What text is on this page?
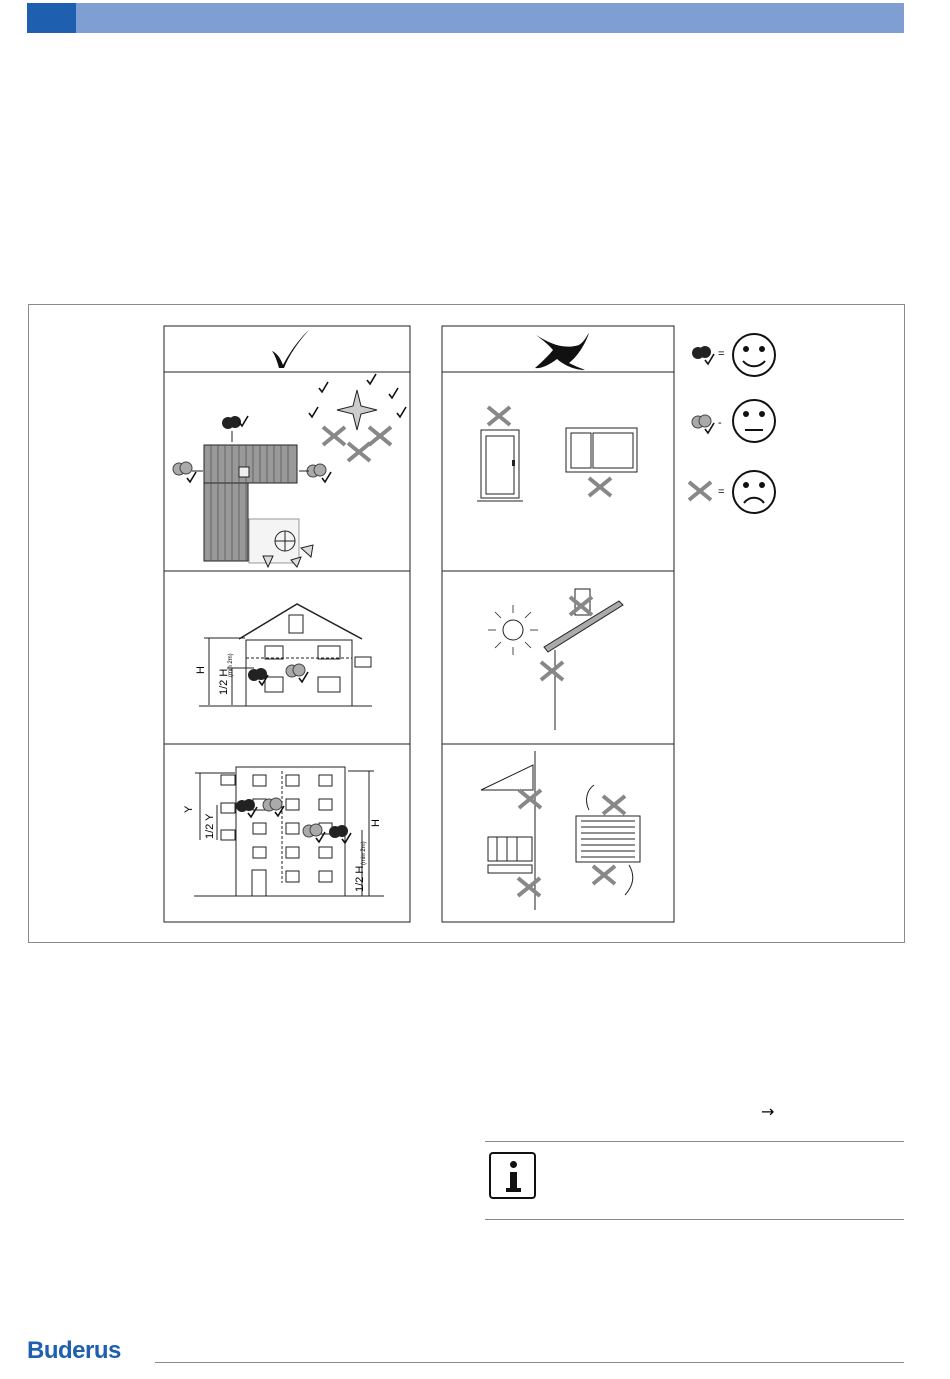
H 1/2 H
(min 2m)
Y
1/2 Y	H
1/2 H
(min 2m)
=
-
=
→
Buderus
